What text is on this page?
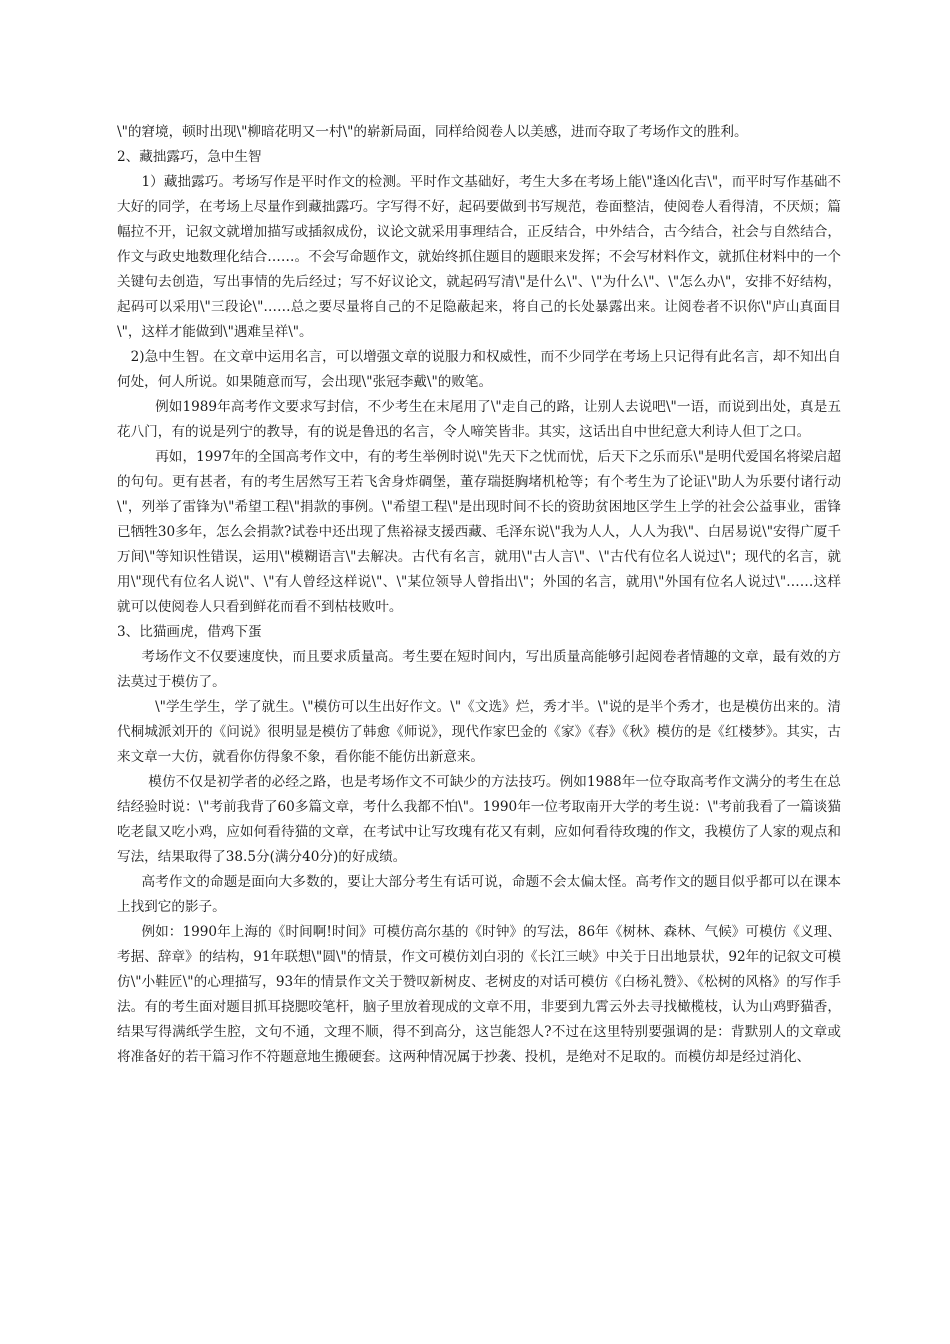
\"的窘境，顿时出现\"柳暗花明又一村\"的崭新局面，同样给阅卷人以美感，进而夺取了考场作文的胜利。

2、藏拙露巧，急中生智

1）藏拙露巧。考场写作是平时作文的检测。平时作文基础好，考生大多在考场上能\"逢凶化吉\"，而平时写作基础不大好的同学，在考场上尽量作到藏拙露巧。字写得不好，起码要做到书写规范，卷面整洁，使阅卷人看得清，不厌烦；篇幅拉不开，记叙文就增加描写或插叙成份，议论文就采用事理结合，正反结合，中外结合，古今结合，社会与自然结合，作文与政史地数理化结合……。不会写命题作文，就始终抓住题目的题眼来发挥；不会写材料作文，就抓住材料中的一个关键句去创造，写出事情的先后经过；写不好议论文，就起码写清\"是什么\"、\"为什么\"、\"怎么办\"，安排不好结构，起码可以采用\"三段论\"……总之要尽量将自己的不足隐蔽起来，将自己的长处暴露出来。让阅卷者不识你\"庐山真面目\"，这样才能做到\"遇难呈祥\"。

2)急中生智。在文章中运用名言，可以增强文章的说服力和权威性，而不少同学在考场上只记得有此名言，却不知出自何处，何人所说。如果随意而写，会出现\"张冠李戴\"的败笔。

例如1989年高考作文要求写封信，不少考生在末尾用了\"走自己的路，让别人去说吧\"一语，而说到出处，真是五花八门，有的说是列宁的教导，有的说是鲁迅的名言，令人啼笑皆非。其实，这话出自中世纪意大利诗人但丁之口。

再如，1997年的全国高考作文中，有的考生举例时说\"先天下之忧而忧，后天下之乐而乐\"是明代爱国名将梁启超的句句。更有甚者，有的考生居然写王若飞舍身炸碉堡，董存瑞挺胸堵机枪等；有个考生为了论证\"助人为乐要付诸行动\"，列举了雷锋为\"希望工程\"捐款的事例。\"希望工程\"是出现时间不长的资助贫困地区学生上学的社会公益事业，雷锋已牺牲30多年，怎么会捐款?试卷中还出现了焦裕禄支援西藏、毛泽东说\"我为人人，人人为我\"、白居易说\"安得广厦千万间\"等知识性错误，运用\"模糊语言\"去解决。古代有名言，就用\"古人言\"、\"古代有位名人说过\"；现代的名言，就用\"现代有位名人说\"、\"有人曾经这样说\"、\"某位领导人曾指出\"；外国的名言，就用\"外国有位名人说过\"……这样就可以使阅卷人只看到鲜花而看不到枯枝败叶。

3、比猫画虎，借鸡下蛋

考场作文不仅要速度快，而且要求质量高。考生要在短时间内，写出质量高能够引起阅卷者情趣的文章，最有效的方法莫过于模仿了。

\"学生学生，学了就生。\"模仿可以生出好作文。\"《文选》烂，秀才半。\"说的是半个秀才，也是模仿出来的。清代桐城派刘开的《问说》很明显是模仿了韩愈《师说》，现代作家巴金的《家》《春》《秋》模仿的是《红楼梦》。其实，古来文章一大仿，就看你仿得象不象，看你能不能仿出新意来。

模仿不仅是初学者的必经之路，也是考场作文不可缺少的方法技巧。例如1988年一位夺取高考作文满分的考生在总结经验时说：\"考前我背了60多篇文章，考什么我都不怕\"。1990年一位考取南开大学的考生说：\"考前我看了一篇谈猫吃老鼠又吃小鸡，应如何看待猫的文章，在考试中让写玫瑰有花又有刺，应如何看待玫瑰的作文，我模仿了人家的观点和写法，结果取得了38.5分(满分40分)的好成绩。

高考作文的命题是面向大多数的，要让大部分考生有话可说，命题不会太偏太怪。高考作文的题目似乎都可以在课本上找到它的影子。

例如：1990年上海的《时间啊!时间》可模仿高尔基的《时钟》的写法，86年《树林、森林、气候》可模仿《义理、考据、辞章》的结构，91年联想\"圆\"的情景，作文可模仿刘白羽的《长江三峡》中关于日出地景状，92年的记叙文可模仿\"小鞋匠\"的心理描写，93年的情景作文关于赞叹新树皮、老树皮的对话可模仿《白杨礼赞》、《松树的风格》的写作手法。有的考生面对题目抓耳挠腮咬笔杆，脑子里放着现成的文章不用，非要到九霄云外去寻找橄榄枝，认为山鸡野猫香，结果写得满纸学生腔，文句不通，文理不顺，得不到高分，这岂能怨人?不过在这里特别要强调的是：背默别人的文章或将准备好的若干篇习作不符题意地生搬硬套。这两种情况属于抄袭、投机，是绝对不足取的。而模仿却是经过消化、
